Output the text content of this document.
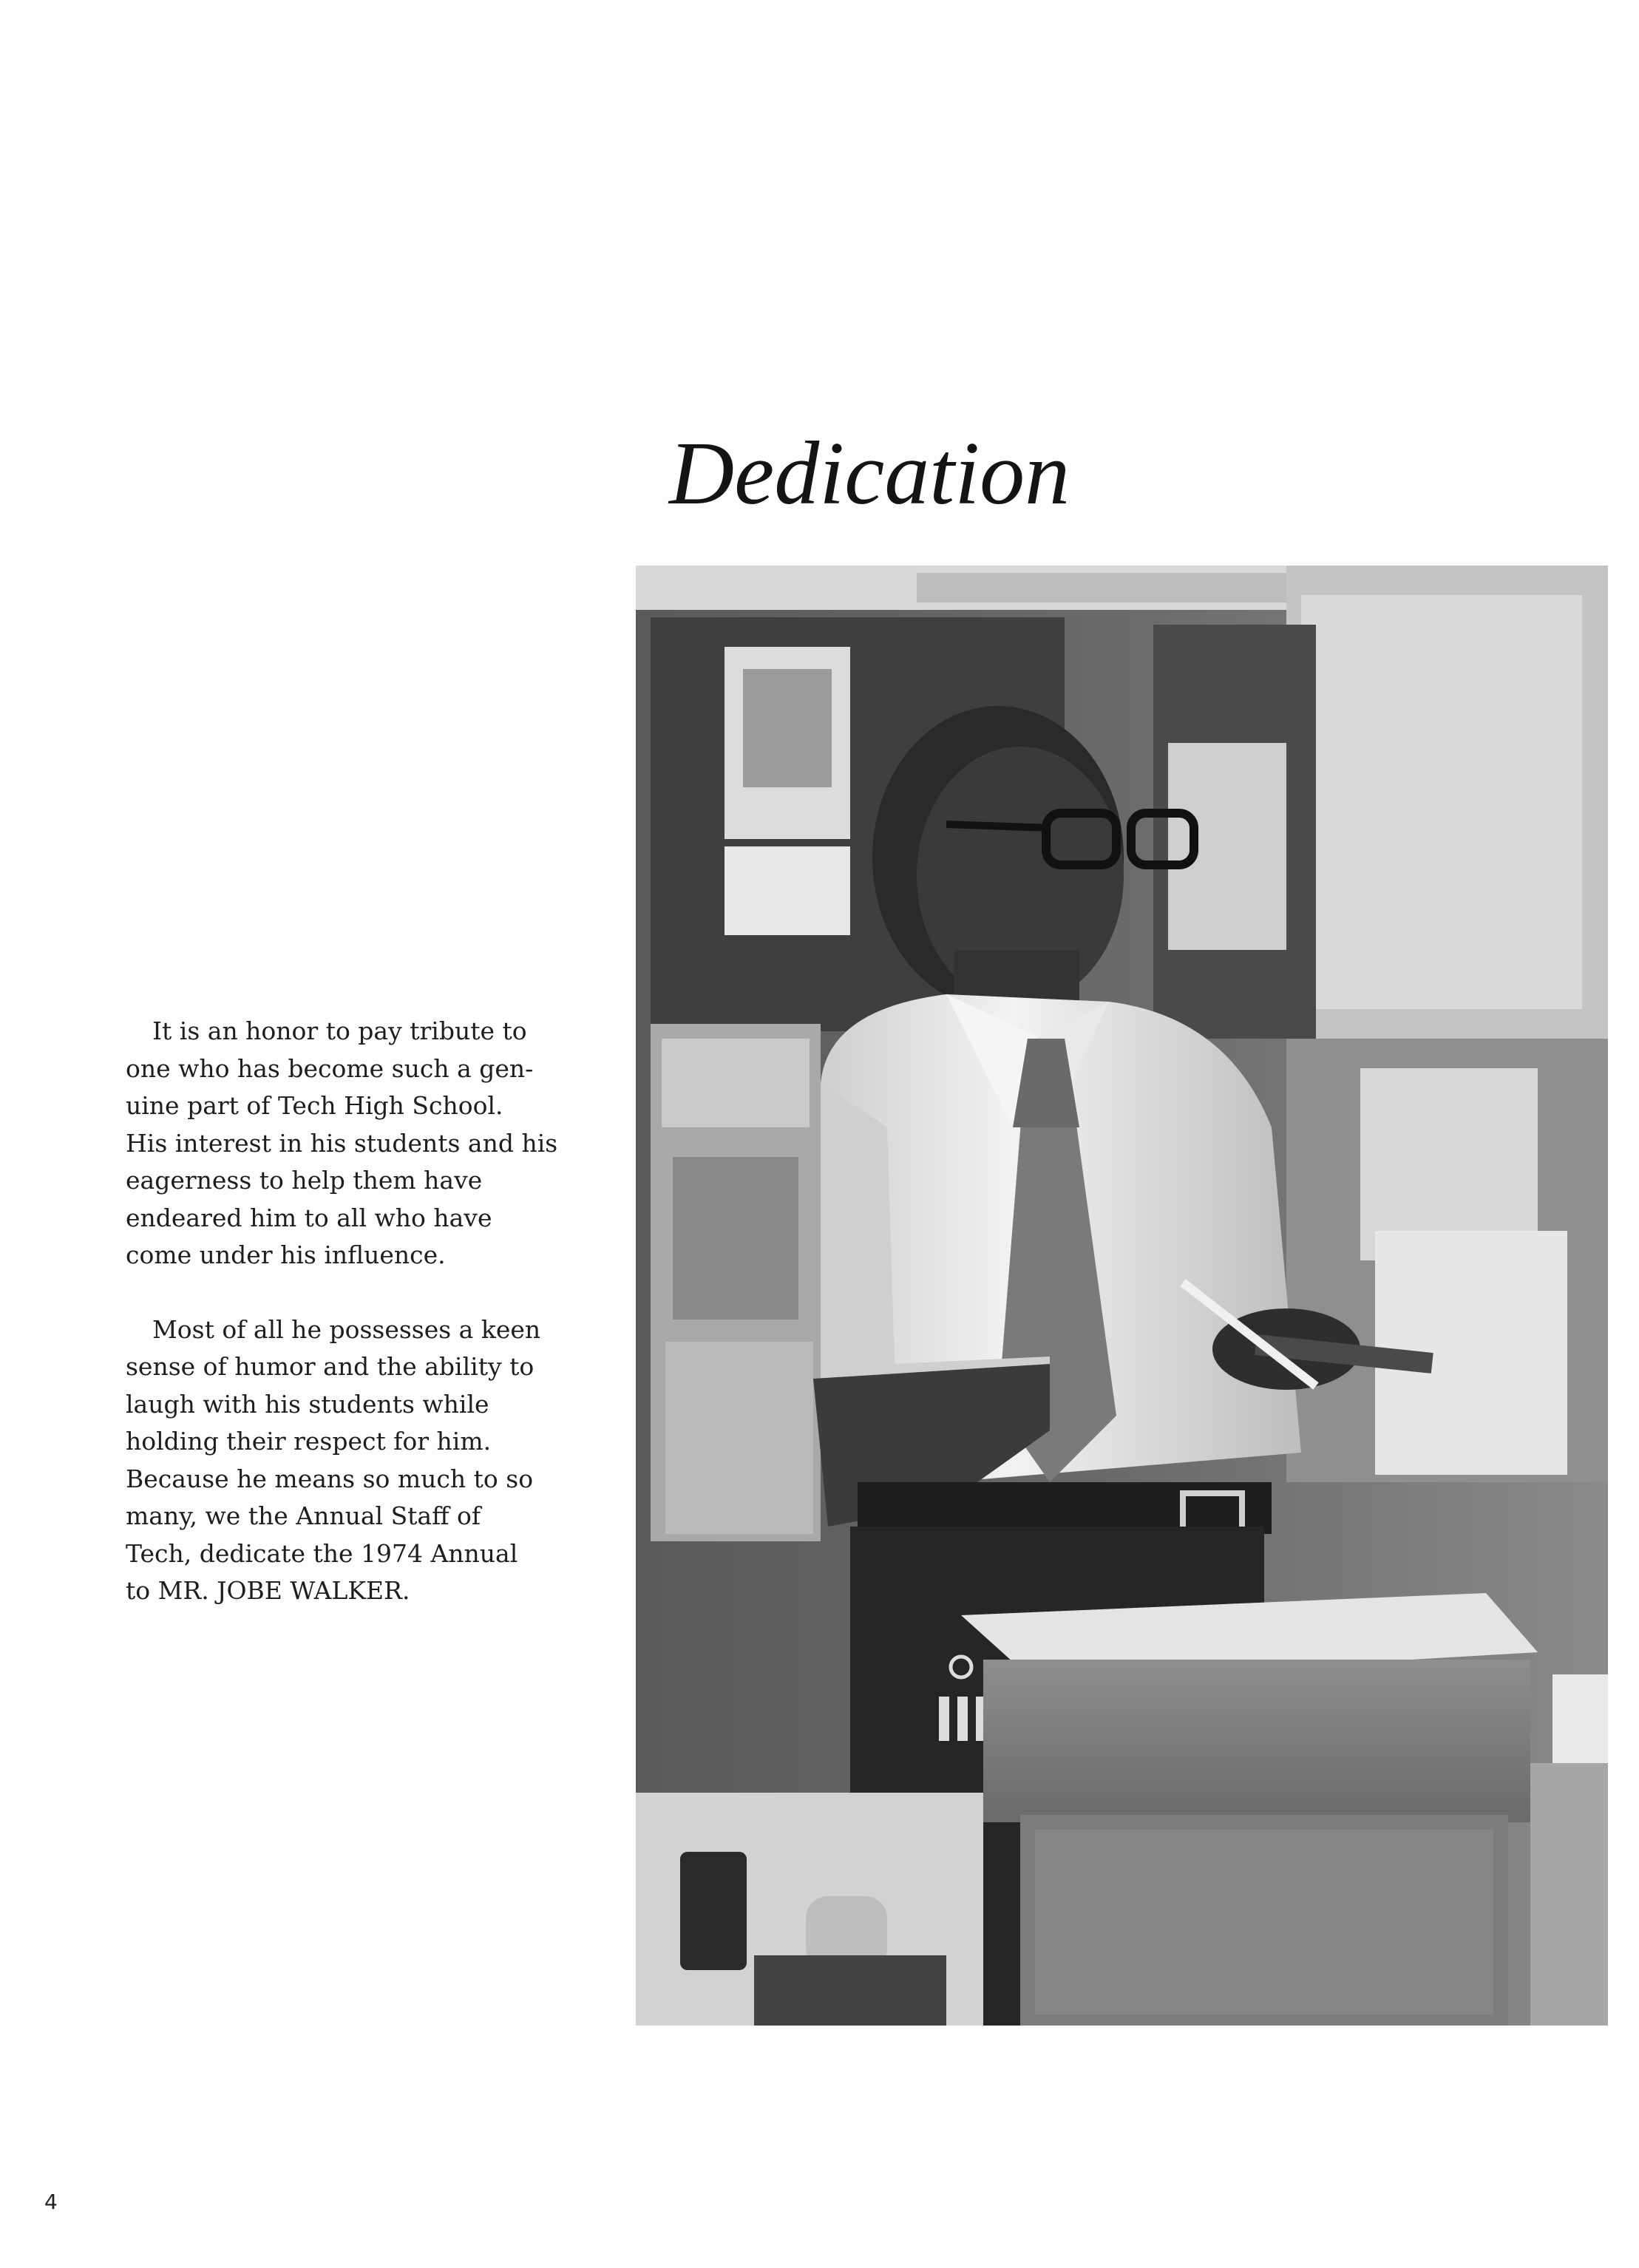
Dedication

It is an honor to pay tribute to
one who has become such a gen-
uine part of Tech High School.
His interest in his students and his
eagerness to help them have
endeared him to all who have
come under his influence.

Most of all he possesses a keen
sense of humor and the ability to
laugh with his students while
holding their respect for him.
Because he means so much to so
many, we the Annual Staff of
Tech, dedicate the 1974 Annual
to MR. JOBE WALKER.

4
